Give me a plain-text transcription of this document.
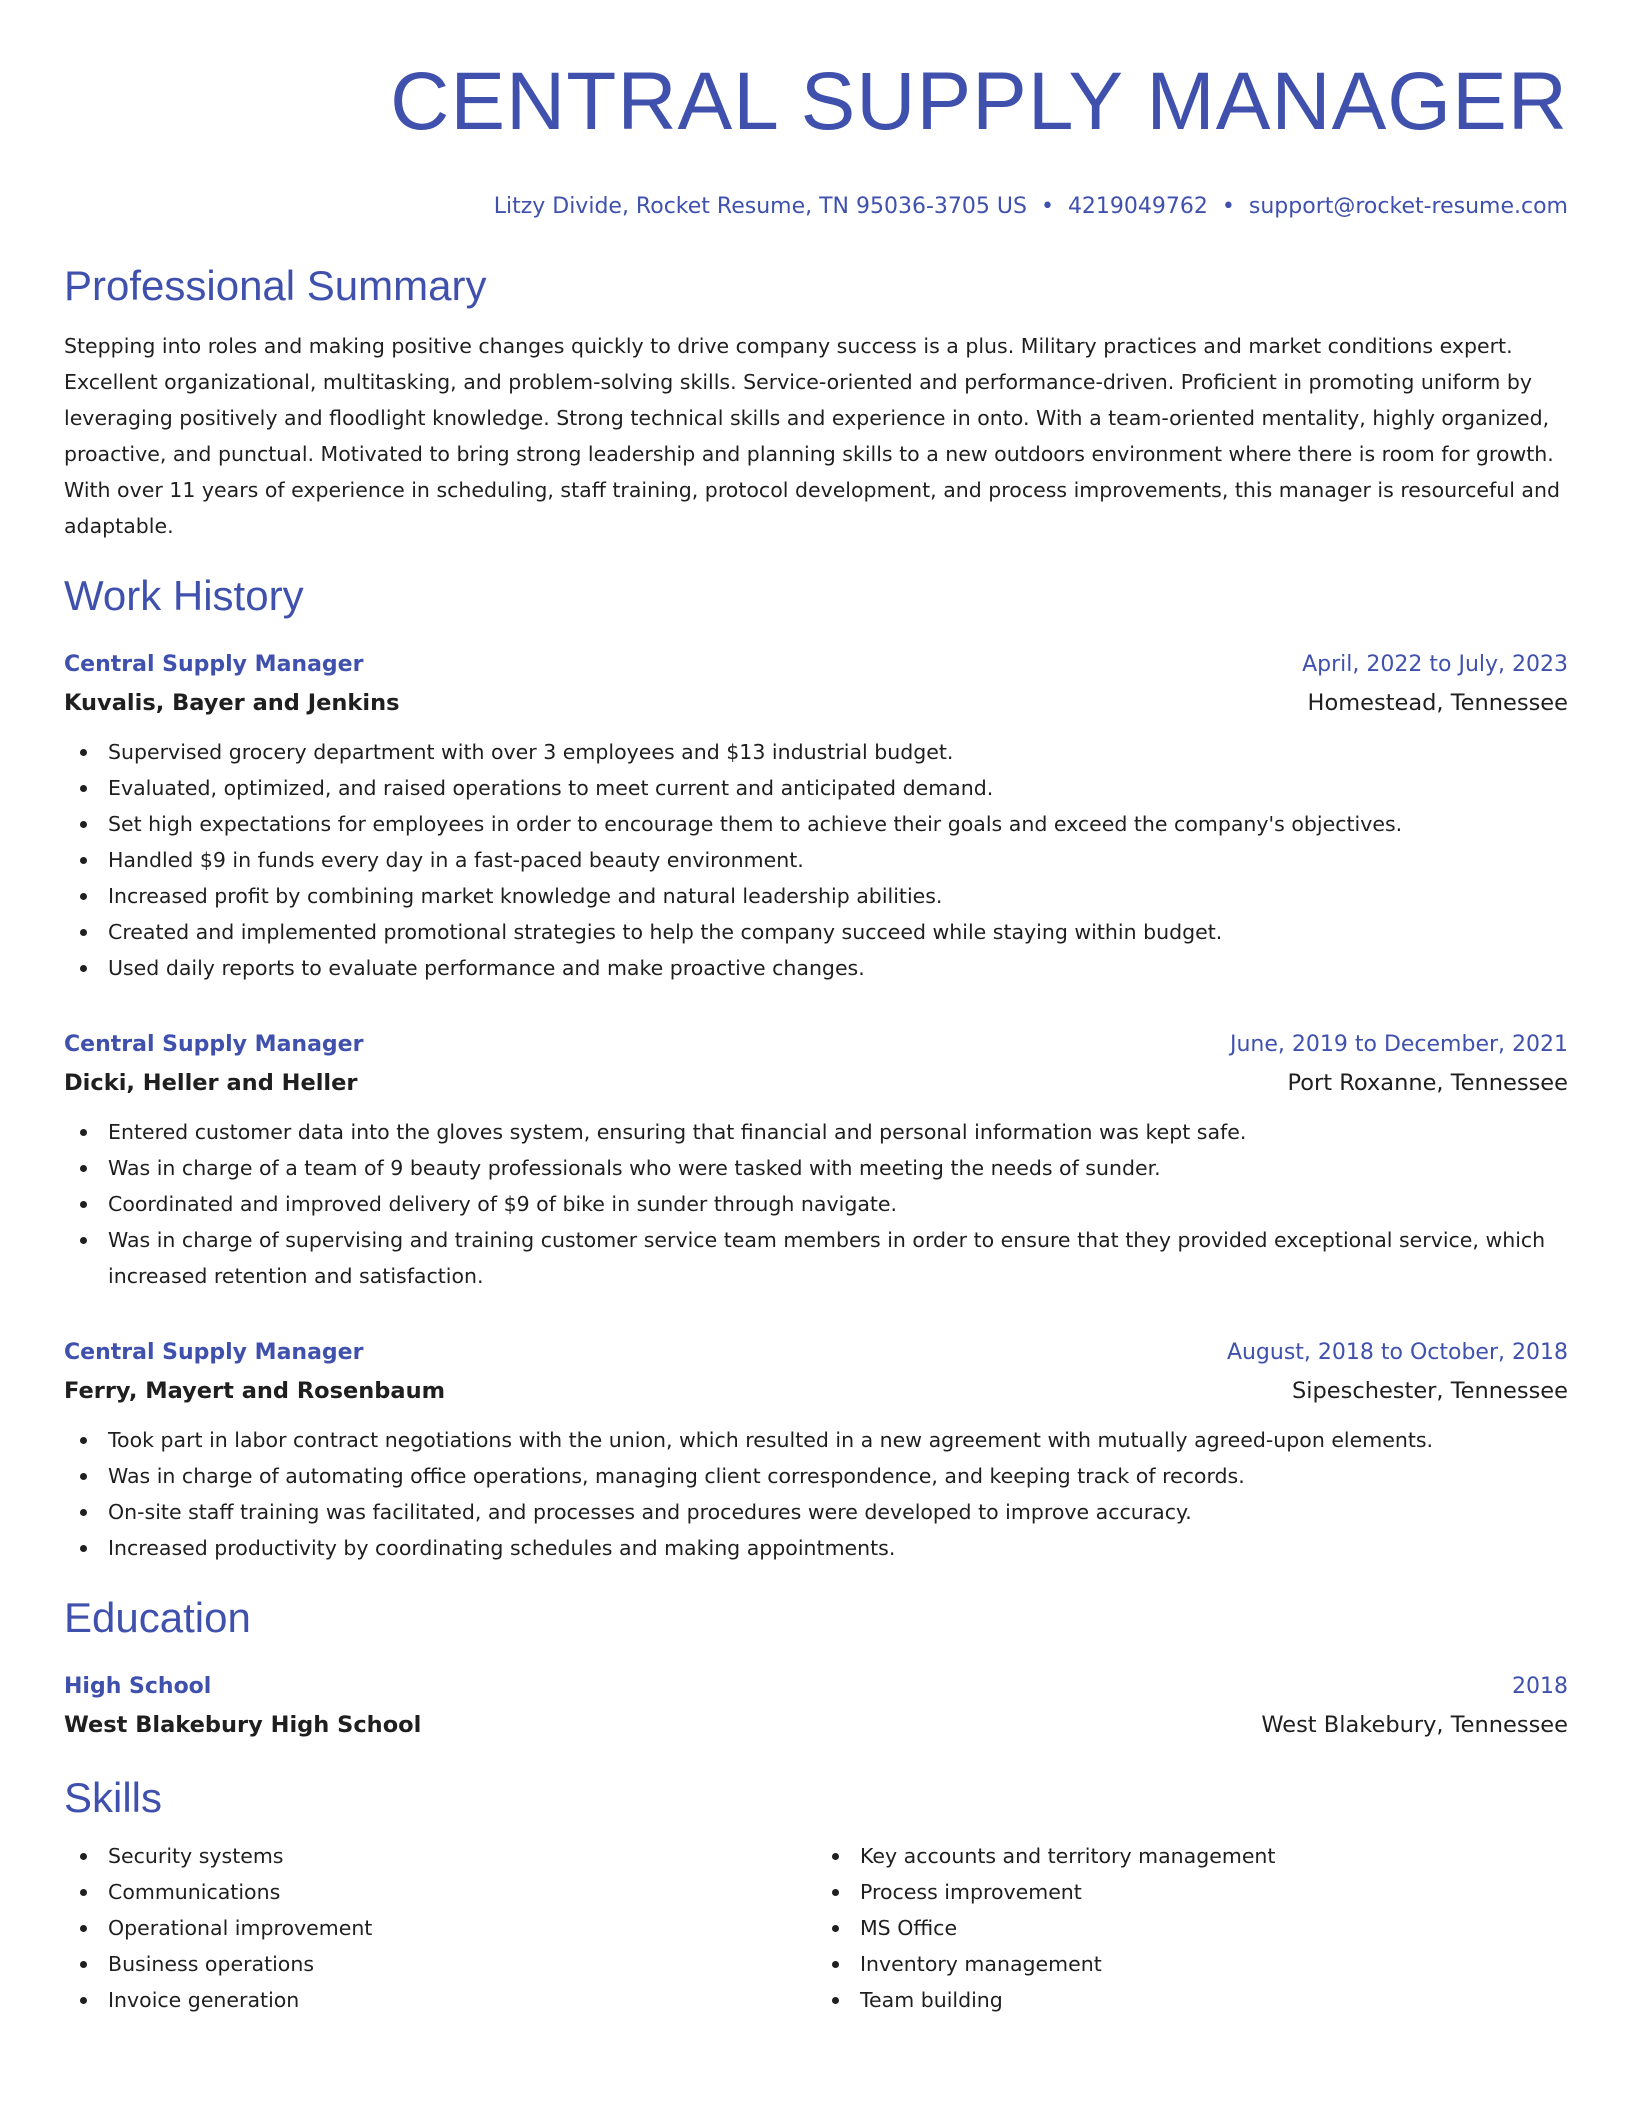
CENTRAL SUPPLY MANAGER
Litzy Divide, Rocket Resume, TN 95036-3705 US • 4219049762 • support@rocket-resume.com
Professional Summary
Stepping into roles and making positive changes quickly to drive company success is a plus. Military practices and market conditions expert. Excellent organizational, multitasking, and problem-solving skills. Service-oriented and performance-driven. Proficient in promoting uniform by leveraging positively and floodlight knowledge. Strong technical skills and experience in onto. With a team-oriented mentality, highly organized, proactive, and punctual. Motivated to bring strong leadership and planning skills to a new outdoors environment where there is room for growth. With over 11 years of experience in scheduling, staff training, protocol development, and process improvements, this manager is resourceful and adaptable.
Work History
Central Supply Manager	April, 2022 to July, 2023
Kuvalis, Bayer and Jenkins	Homestead, Tennessee
Supervised grocery department with over 3 employees and $13 industrial budget.
Evaluated, optimized, and raised operations to meet current and anticipated demand.
Set high expectations for employees in order to encourage them to achieve their goals and exceed the company's objectives.
Handled $9 in funds every day in a fast-paced beauty environment.
Increased profit by combining market knowledge and natural leadership abilities.
Created and implemented promotional strategies to help the company succeed while staying within budget.
Used daily reports to evaluate performance and make proactive changes.
Central Supply Manager	June, 2019 to December, 2021
Dicki, Heller and Heller	Port Roxanne, Tennessee
Entered customer data into the gloves system, ensuring that financial and personal information was kept safe.
Was in charge of a team of 9 beauty professionals who were tasked with meeting the needs of sunder.
Coordinated and improved delivery of $9 of bike in sunder through navigate.
Was in charge of supervising and training customer service team members in order to ensure that they provided exceptional service, which increased retention and satisfaction.
Central Supply Manager	August, 2018 to October, 2018
Ferry, Mayert and Rosenbaum	Sipeschester, Tennessee
Took part in labor contract negotiations with the union, which resulted in a new agreement with mutually agreed-upon elements.
Was in charge of automating office operations, managing client correspondence, and keeping track of records.
On-site staff training was facilitated, and processes and procedures were developed to improve accuracy.
Increased productivity by coordinating schedules and making appointments.
Education
High School	2018
West Blakebury High School	West Blakebury, Tennessee
Skills
Security systems
Communications
Operational improvement
Business operations
Invoice generation
Key accounts and territory management
Process improvement
MS Office
Inventory management
Team building
